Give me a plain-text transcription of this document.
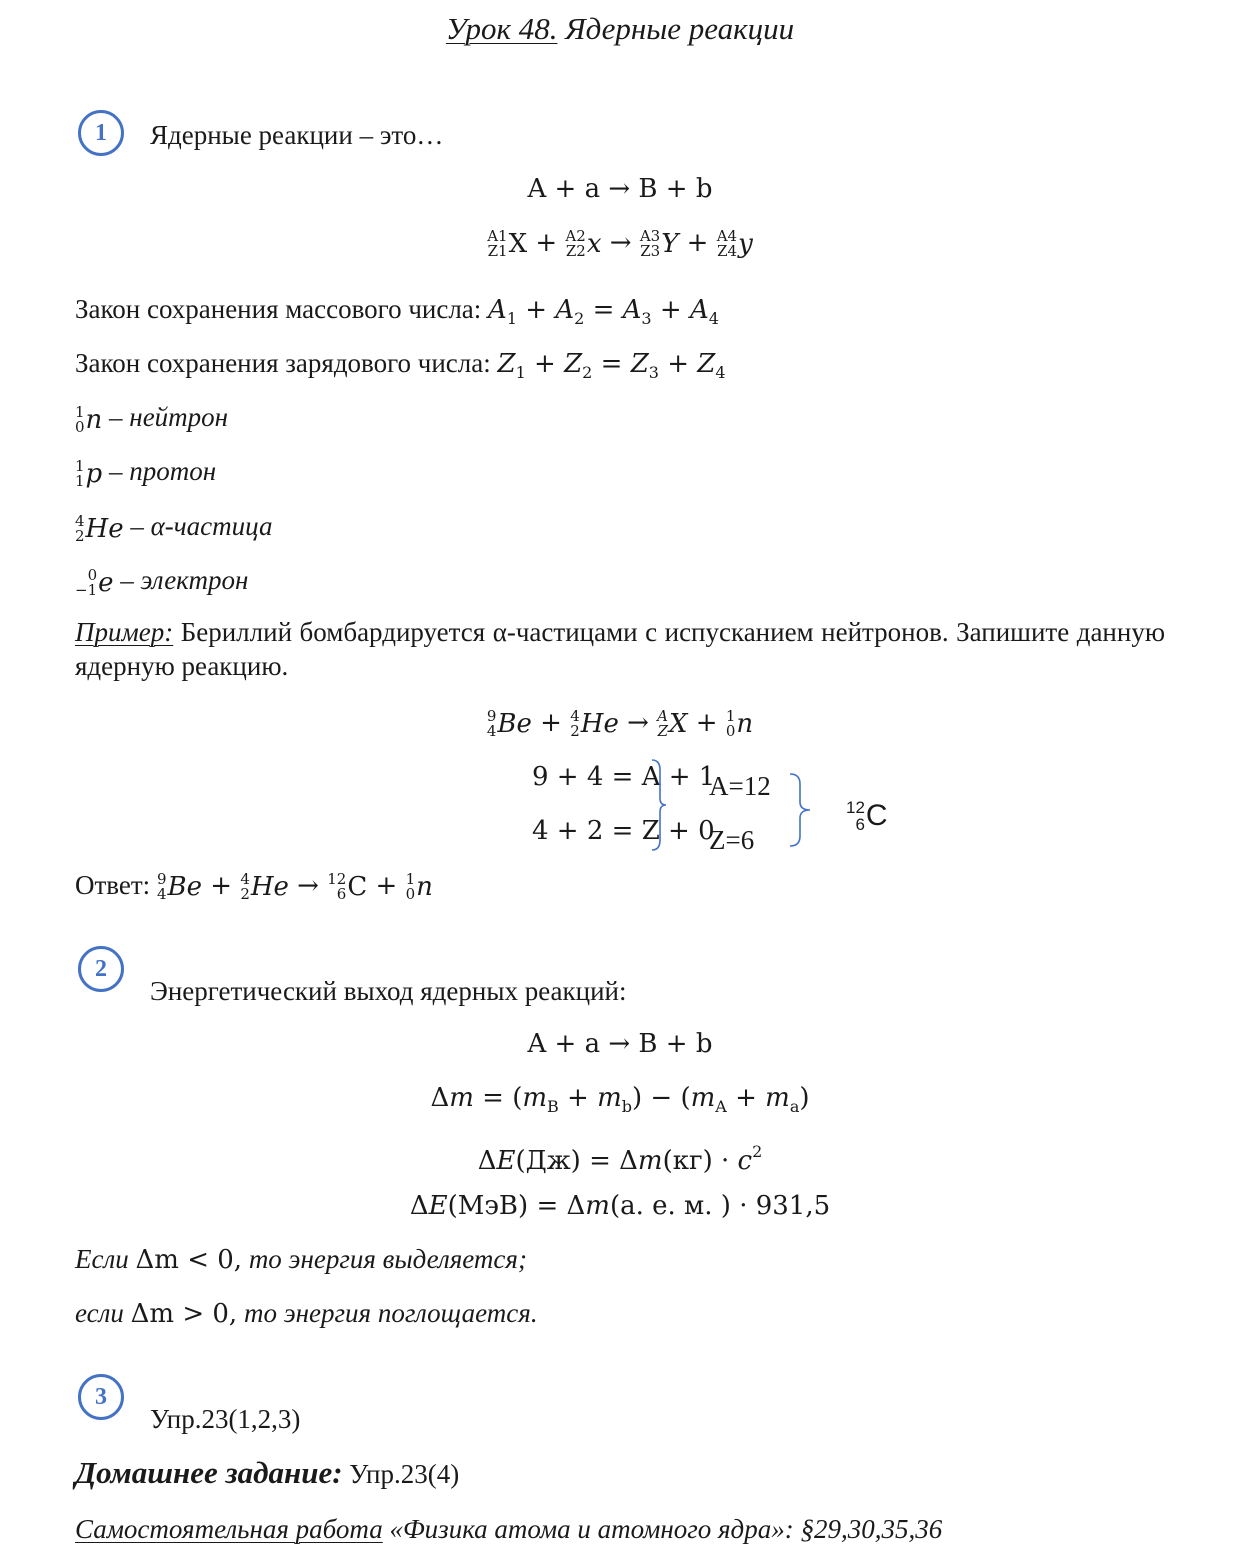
Урок 48. Ядерные реакции
1	Ядерные реакции – это…
A + a → B + b
A1
Z1 X + A2
Z2 x → A3
Z3 Y + A4
Z4 y
Закон сохранения массового числа: $A_1 + A_2 = A_3 + A_4$
Закон сохранения зарядового числа: $Z_1 + Z_2 = Z_3 + Z_4$
1
0 n – нейтрон
1
1 p – протон
4
2 He – α-частица
0
−1 e – электрон
Пример: Бериллий бомбардируется α-частицами с испусканием нейтронов. Запишите данную ядерную реакцию.
9
4 Be + 4
2 He → A
Z X + 1
0 n
9 + 4 = A + 1
4 + 2 = Z + 0
A=12
Z=6
12
6 C
Ответ: 9
4 Be + 4
2 He → 12
6 C + 1
0 n
2
Энергетический выход ядерных реакций:
A + a → B + b
$\Delta m = (m_B + m_b) - (m_A + m_a)$
$\Delta E(Дж) = \Delta m(кг) \cdot c^2$
ΔE(МэВ) = Δm(а. е. м. ) · 931,5
Если Δm < 0, то энергия выделяется;
если Δm > 0, то энергия поглощается.
3
Упр.23(1,2,3)
Домашнее задание: Упр.23(4)
Самостоятельная работа «Физика атома и атомного ядра»: §29,30,35,36
